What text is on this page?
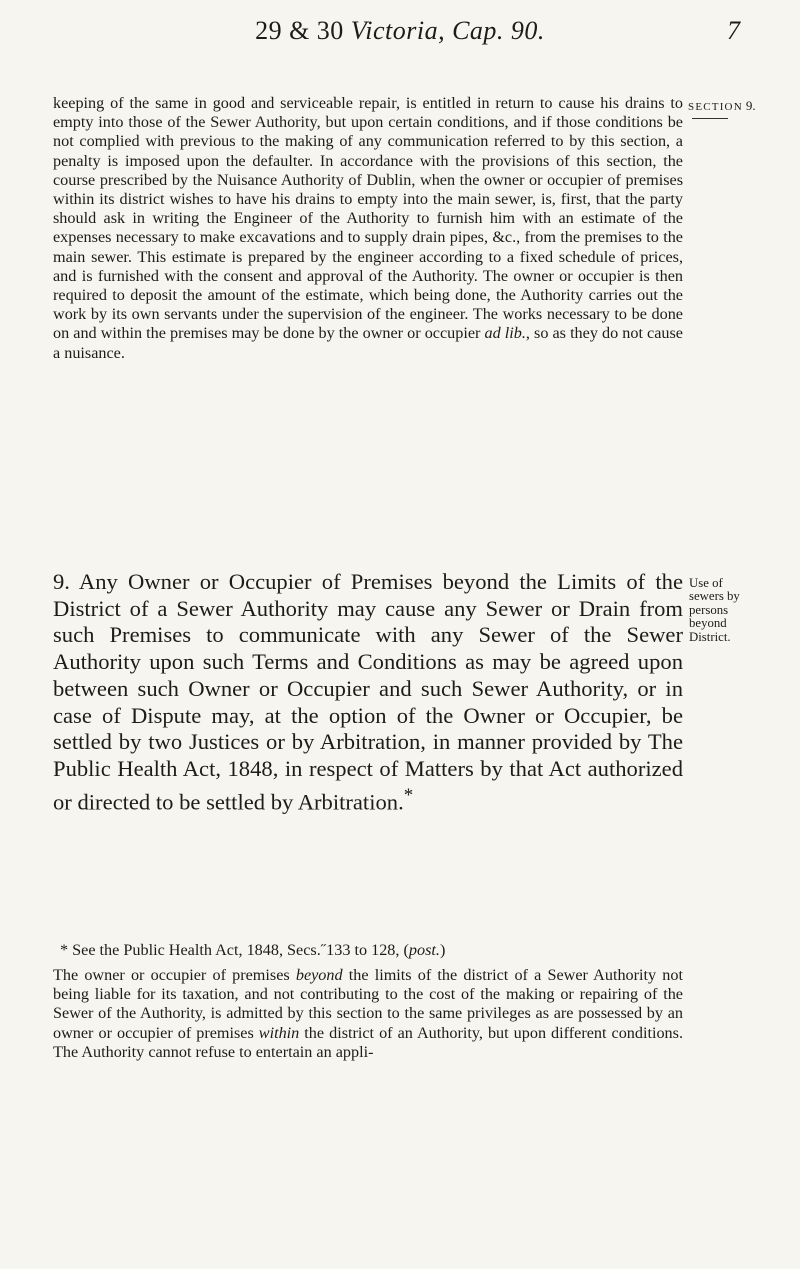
29 & 30 Victoria, Cap. 90.	7
SECTION 9.
keeping of the same in good and serviceable repair, is entitled in return to cause his drains to empty into those of the Sewer Authority, but upon certain conditions, and if those conditions be not complied with previous to the making of any communication referred to by this section, a penalty is imposed upon the defaulter. In accordance with the provisions of this section, the course prescribed by the Nuisance Authority of Dublin, when the owner or occupier of premises within its district wishes to have his drains to empty into the main sewer, is, first, that the party should ask in writing the Engineer of the Authority to furnish him with an estimate of the expenses necessary to make excavations and to supply drain pipes, &c., from the premises to the main sewer. This estimate is prepared by the engineer according to a fixed schedule of prices, and is furnished with the consent and approval of the Authority. The owner or occupier is then required to deposit the amount of the estimate, which being done, the Authority carries out the work by its own servants under the supervision of the engineer. The works necessary to be done on and within the premises may be done by the owner or occupier ad lib., so as they do not cause a nuisance.
9. Any Owner or Occupier of Premises beyond the Limits of the District of a Sewer Authority may cause any Sewer or Drain from such Premises to communicate with any Sewer of the Sewer Authority upon such Terms and Conditions as may be agreed upon between such Owner or Occupier and such Sewer Authority, or in case of Dispute may, at the option of the Owner or Occupier, be settled by two Justices or by Arbitration, in manner provided by The Public Health Act, 1848, in respect of Matters by that Act authorized or directed to be settled by Arbitration.*
Use of
sewers by
persons
beyond
District.
* See the Public Health Act, 1848, Secs.˝133 to 128, (post.)
The owner or occupier of premises beyond the limits of the district of a Sewer Authority not being liable for its taxation, and not contributing to the cost of the making or repairing of the Sewer of the Authority, is admitted by this section to the same privileges as are possessed by an owner or occupier of premises within the district of an Authority, but upon different conditions. The Authority cannot refuse to entertain an appli-
